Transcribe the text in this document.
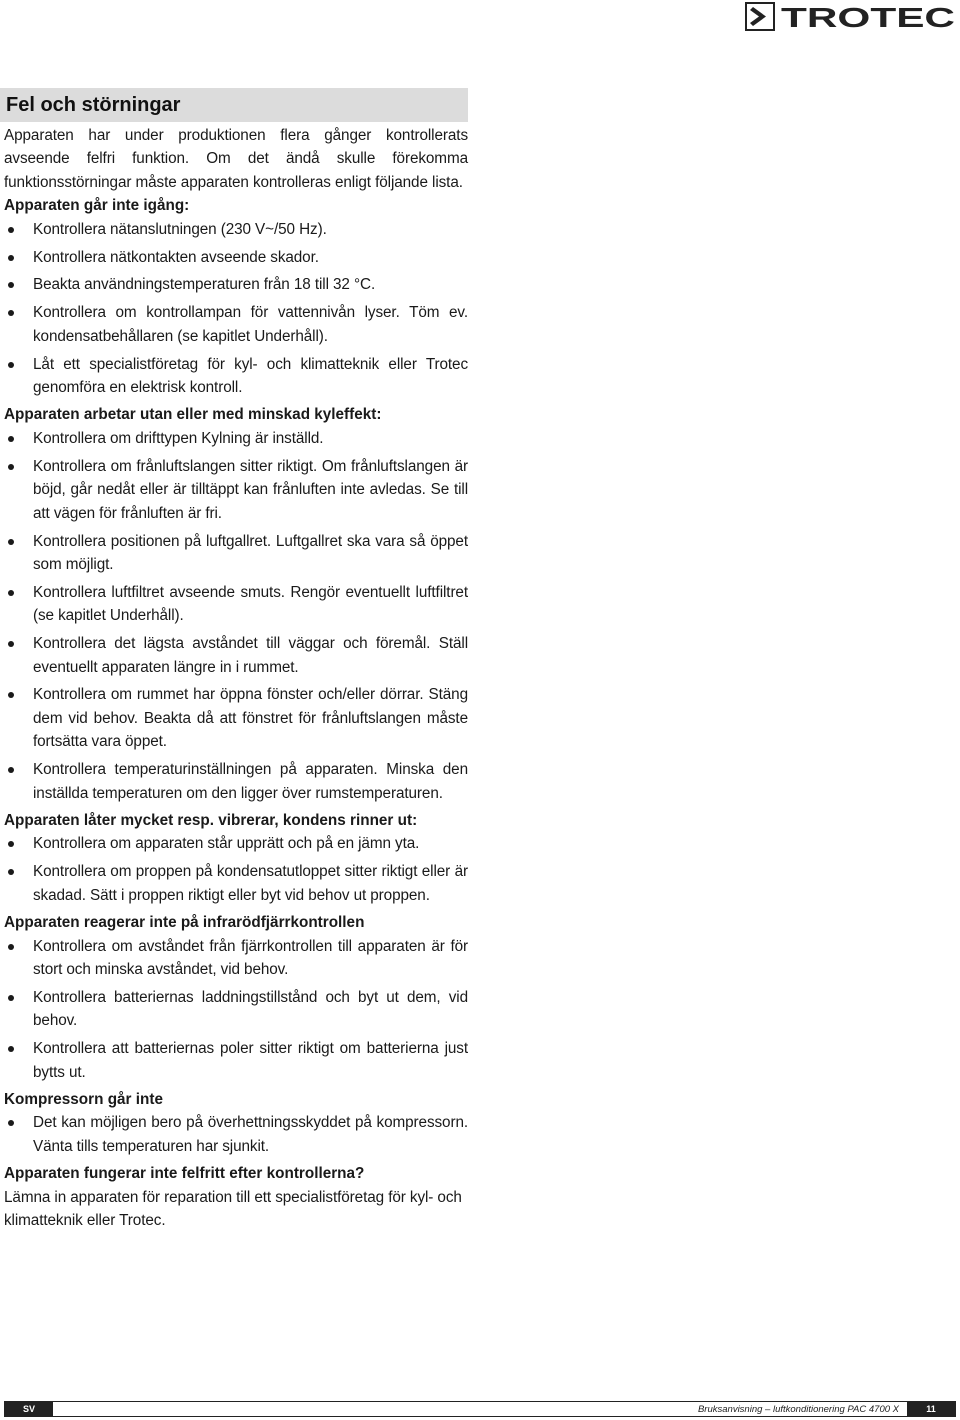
TROTEC
Fel och störningar

Apparaten har under produktionen flera gånger kontrollerats avseende felfri funktion. Om det ändå skulle förekomma funktionsstörningar måste apparaten kontrolleras enligt följande lista.

Apparaten går inte igång:

Kontrollera nätanslutningen (230 V~/50 Hz).
Kontrollera nätkontakten avseende skador.
Beakta användningstemperaturen från 18 till 32 °C.
Kontrollera om kontrollampan för vattennivån lyser. Töm ev. kondensatbehållaren (se kapitlet Underhåll).
Låt ett specialistföretag för kyl- och klimatteknik eller Trotec genomföra en elektrisk kontroll.

Apparaten arbetar utan eller med minskad kyleffekt:

Kontrollera om drifttypen Kylning är inställd.
Kontrollera om frånluftslangen sitter riktigt. Om frånluftslangen är böjd, går nedåt eller är tilltäppt kan frånluften inte avledas. Se till att vägen för frånluften är fri.
Kontrollera positionen på luftgallret. Luftgallret ska vara så öppet som möjligt.
Kontrollera luftfiltret avseende smuts. Rengör eventuellt luftfiltret (se kapitlet Underhåll).
Kontrollera det lägsta avståndet till väggar och föremål. Ställ eventuellt apparaten längre in i rummet.
Kontrollera om rummet har öppna fönster och/eller dörrar. Stäng dem vid behov. Beakta då att fönstret för frånluftslangen måste fortsätta vara öppet.
Kontrollera temperaturinställningen på apparaten. Minska den inställda temperaturen om den ligger över rumstemperaturen.

Apparaten låter mycket resp. vibrerar, kondens rinner ut:

Kontrollera om apparaten står upprätt och på en jämn yta.
Kontrollera om proppen på kondensatutloppet sitter riktigt eller är skadad. Sätt i proppen riktigt eller byt vid behov ut proppen.

Apparaten reagerar inte på infrarödfjärrkontrollen

Kontrollera om avståndet från fjärrkontrollen till apparaten är för stort och minska avståndet, vid behov.
Kontrollera batteriernas laddningstillstånd och byt ut dem, vid behov.
Kontrollera att batteriernas poler sitter riktigt om batterierna just bytts ut.

Kompressorn går inte

Det kan möjligen bero på överhettningsskyddet på kompressorn. Vänta tills temperaturen har sjunkit.

Apparaten fungerar inte felfritt efter kontrollerna?

Lämna in apparaten för reparation till ett specialistföretag för kyl- och klimatteknik eller Trotec.

SV	Bruksanvisning – luftkonditionering PAC 4700 X	11
